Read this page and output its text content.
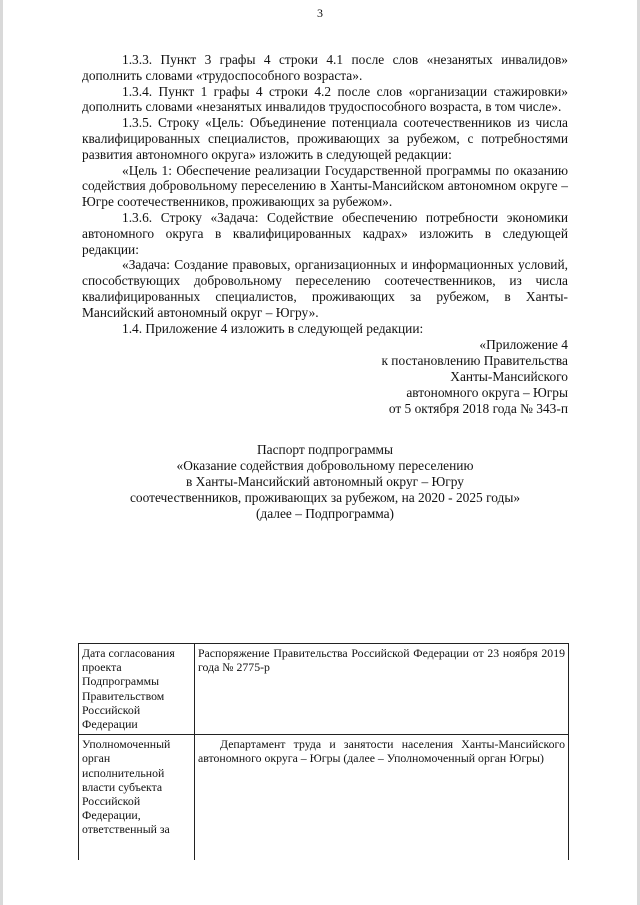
3

1.3.3. Пункт 3 графы 4 строки 4.1 после слов «незанятых инвалидов» дополнить словами «трудоспособного возраста».

1.3.4. Пункт 1 графы 4 строки 4.2 после слов «организации стажировки» дополнить словами «незанятых инвалидов трудоспособного возраста, в том числе».

1.3.5. Строку «Цель: Объединение потенциала соотечественников из числа квалифицированных специалистов, проживающих за рубежом, с потребностями развития автономного округа» изложить в следующей редакции:

«Цель 1: Обеспечение реализации Государственной программы по оказанию содействия добровольному переселению в Ханты-Мансийском автономном округе – Югре соотечественников, проживающих за рубежом».

1.3.6. Строку «Задача: Содействие обеспечению потребности экономики автономного округа в квалифицированных кадрах» изложить в следующей редакции:

«Задача: Создание правовых, организационных и информационных условий, способствующих добровольному переселению соотечественников, из числа квалифицированных специалистов, проживающих за рубежом, в Ханты-Мансийский автономный округ – Югру».

1.4. Приложение 4 изложить в следующей редакции:

«Приложение 4
к постановлению Правительства
Ханты-Мансийского
автономного округа – Югры
от 5 октября 2018 года № 343-п
Паспорт подпрограммы
«Оказание содействия добровольному переселению
в Ханты-Мансийский автономный округ – Югру
соотечественников, проживающих за рубежом, на 2020 - 2025 годы»
(далее – Подпрограмма)
Дата согласования проекта Подпрограммы Правительством Российской Федерации	Распоряжение Правительства Российской Федерации от 23 ноября 2019 года № 2775-р

Уполномоченный орган исполнительной власти субъекта Российской Федерации, ответственный за	Департамент труда и занятости населения Ханты-Мансийского автономного округа – Югры (далее – Уполномоченный орган Югры)
